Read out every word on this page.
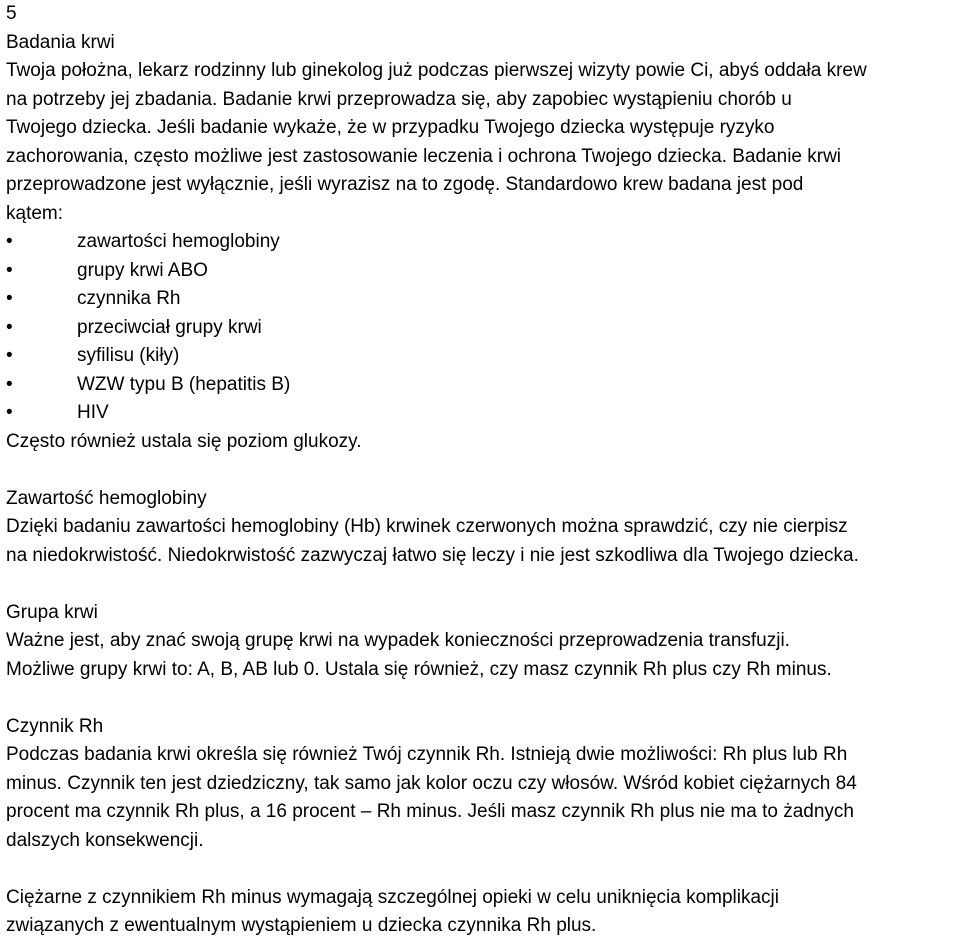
5
Badania krwi
Twoja położna, lekarz rodzinny lub ginekolog już podczas pierwszej wizyty powie Ci, abyś oddała krew
na potrzeby jej zbadania. Badanie krwi przeprowadza się, aby zapobiec wystąpieniu chorób u
Twojego dziecka. Jeśli badanie wykaże, że w przypadku Twojego dziecka występuje ryzyko
zachorowania, często możliwe jest zastosowanie leczenia i ochrona Twojego dziecka. Badanie krwi
przeprowadzone jest wyłącznie, jeśli wyrazisz na to zgodę. Standardowo krew badana jest pod
kątem:
•	zawartości hemoglobiny
•	grupy krwi ABO
•	czynnika Rh
•	przeciwciał grupy krwi
•	syfilisu (kiły)
•	WZW typu B (hepatitis B)
•	HIV
Często również ustala się poziom glukozy.
Zawartość hemoglobiny
Dzięki badaniu zawartości hemoglobiny (Hb) krwinek czerwonych można sprawdzić, czy nie cierpisz
na niedokrwistość. Niedokrwistość zazwyczaj łatwo się leczy i nie jest szkodliwa dla Twojego dziecka.
Grupa krwi
Ważne jest, aby znać swoją grupę krwi na wypadek konieczności przeprowadzenia transfuzji.
Możliwe grupy krwi to: A, B, AB lub 0. Ustala się również, czy masz czynnik Rh plus czy Rh minus.
Czynnik Rh
Podczas badania krwi określa się również Twój czynnik Rh. Istnieją dwie możliwości: Rh plus lub Rh
minus. Czynnik ten jest dziedziczny, tak samo jak kolor oczu czy włosów. Wśród kobiet ciężarnych 84
procent ma czynnik Rh plus, a 16 procent – Rh minus. Jeśli masz czynnik Rh plus nie ma to żadnych
dalszych konsekwencji.
Ciężarne z czynnikiem Rh minus wymagają szczególnej opieki w celu uniknięcia komplikacji
związanych z ewentualnym wystąpieniem u dziecka czynnika Rh plus.
